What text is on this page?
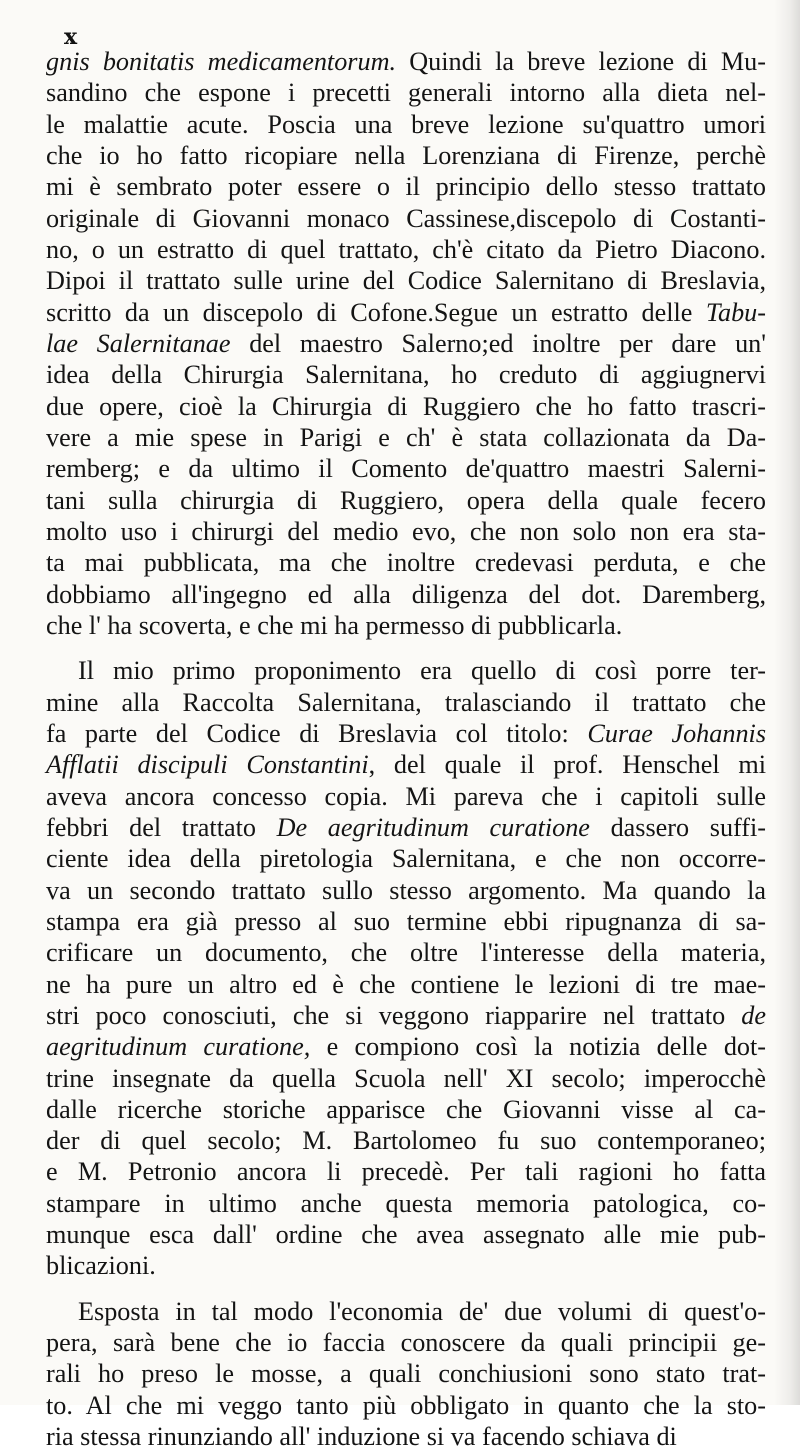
x

gnis bonitatis medicamentorum. Quindi la breve lezione di Mu-
sandino che espone i precetti generali intorno alla dieta nel-
le malattie acute. Poscia una breve lezione su'quattro umori
che io ho fatto ricopiare nella Lorenziana di Firenze, perchè
mi è sembrato poter essere o il principio dello stesso trattato
originale di Giovanni monaco Cassinese,discepolo di Costanti-
no, o un estratto di quel trattato, ch'è citato da Pietro Diacono.
Dipoi il trattato sulle urine del Codice Salernitano di Breslavia,
scritto da un discepolo di Cofone.Segue un estratto delle Tabu-
lae Salernitanae del maestro Salerno;ed inoltre per dare un'
idea della Chirurgia Salernitana, ho creduto di aggiugnervi
due opere, cioè la Chirurgia di Ruggiero che ho fatto trascri-
vere a mie spese in Parigi e ch' è stata collazionata da Da-
remberg; e da ultimo il Comento de'quattro maestri Salerni-
tani sulla chirurgia di Ruggiero, opera della quale fecero
molto uso i chirurgi del medio evo, che non solo non era sta-
ta mai pubblicata, ma che inoltre credevasi perduta, e che
dobbiamo all'ingegno ed alla diligenza del dot. Daremberg,
che l' ha scoverta, e che mi ha permesso di pubblicarla.
Il mio primo proponimento era quello di così porre ter-
mine alla Raccolta Salernitana, tralasciando il trattato che
fa parte del Codice di Breslavia col titolo: Curae Johannis
Afflatii discipuli Constantini, del quale il prof. Henschel mi
aveva ancora concesso copia. Mi pareva che i capitoli sulle
febbri del trattato De aegritudinum curatione dassero suffi-
ciente idea della piretologia Salernitana, e che non occorre-
va un secondo trattato sullo stesso argomento. Ma quando la
stampa era già presso al suo termine ebbi ripugnanza di sa-
crificare un documento, che oltre l'interesse della materia,
ne ha pure un altro ed è che contiene le lezioni di tre mae-
stri poco conosciuti, che si veggono riapparire nel trattato de
aegritudinum curatione, e compiono così la notizia delle dot-
trine insegnate da quella Scuola nell' XI secolo; imperocchè
dalle ricerche storiche apparisce che Giovanni visse al ca-
der di quel secolo; M. Bartolomeo fu suo contemporaneo;
e M. Petronio ancora li precedè. Per tali ragioni ho fatta
stampare in ultimo anche questa memoria patologica, co-
munque esca dall' ordine che avea assegnato alle mie pub-
blicazioni.
Esposta in tal modo l'economia de' due volumi di quest'o-
pera, sarà bene che io faccia conoscere da quali principii ge-
rali ho preso le mosse, a quali conchiusioni sono stato trat-
to. Al che mi veggo tanto più obbligato in quanto che la sto-
ria stessa rinunziando all' induzione si va facendo schiava di
